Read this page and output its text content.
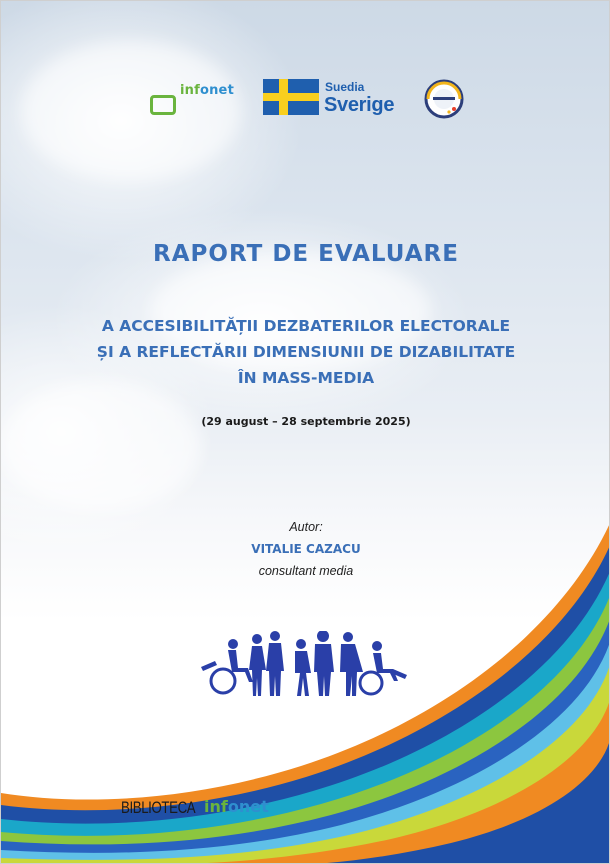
infonet	Suedia
Sverige
RAPORT DE EVALUARE
A ACCESIBILITĂȚII DEZBATERILOR ELECTORALE
ȘI A REFLECTĂRII DIMENSIUNII DE DIZABILITATE
ÎN MASS-MEDIA
(29 august – 28 septembrie 2025)
Autor:
VITALIE CAZACU
consultant media
BIBLIOTECA infonet
